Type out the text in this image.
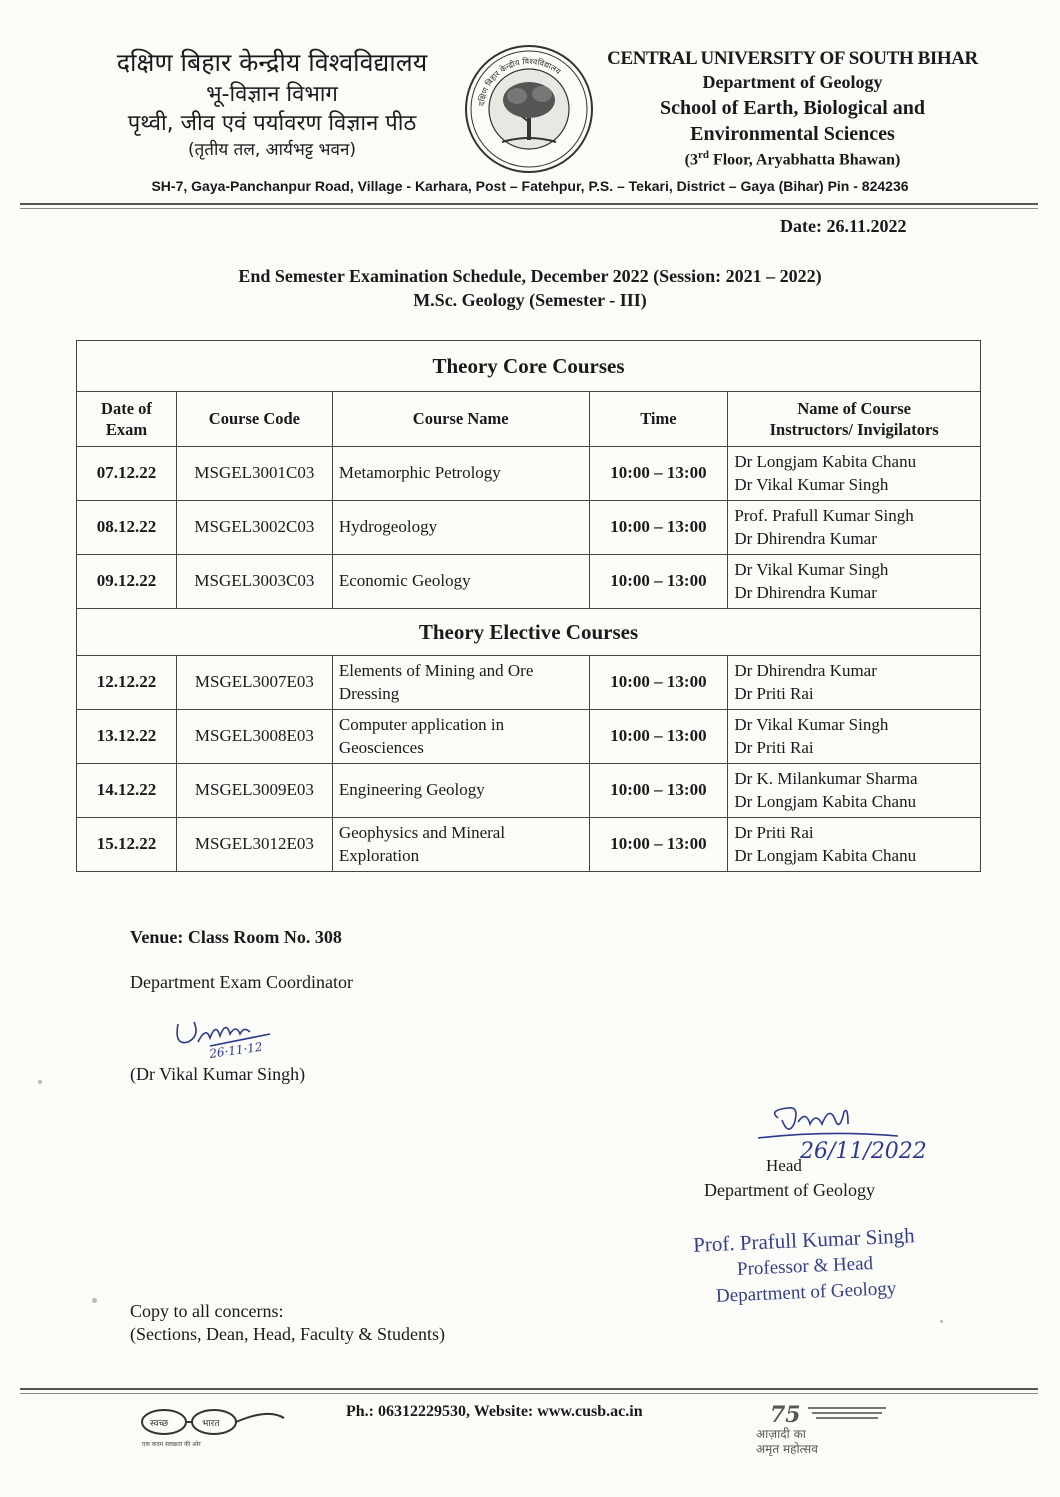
दक्षिण बिहार केन्द्रीय विश्वविद्यालय
भू-विज्ञान विभाग
पृथ्वी, जीव एवं पर्यावरण विज्ञान पीठ
(तृतीय तल, आर्यभट्ट भवन)
दक्षिण बिहार केन्द्रीय विश्वविद्यालय
CENTRAL UNIVERSITY OF SOUTH BIHAR
Department of Geology
School of Earth, Biological and
Environmental Sciences
(3rd Floor, Aryabhatta Bhawan)
SH-7, Gaya-Panchanpur Road, Village - Karhara, Post – Fatehpur, P.S. – Tekari, District – Gaya (Bihar) Pin - 824236
Date: 26.11.2022
End Semester Examination Schedule, December 2022 (Session: 2021 – 2022)
M.Sc. Geology (Semester - III)
Theory Core Courses				
Date of
Exam	Course Code	Course Name	Time	Name of Course
Instructors/ Invigilators
07.12.22	MSGEL3001C03	Metamorphic Petrology	10:00 – 13:00	Dr Longjam Kabita Chanu
Dr Vikal Kumar Singh
08.12.22	MSGEL3002C03	Hydrogeology	10:00 – 13:00	Prof. Prafull Kumar Singh
Dr Dhirendra Kumar
09.12.22	MSGEL3003C03	Economic Geology	10:00 – 13:00	Dr Vikal Kumar Singh
Dr Dhirendra Kumar
Theory Elective Courses				
12.12.22	MSGEL3007E03	Elements of Mining and Ore
Dressing	10:00 – 13:00	Dr Dhirendra Kumar
Dr Priti Rai
13.12.22	MSGEL3008E03	Computer application in
Geosciences	10:00 – 13:00	Dr Vikal Kumar Singh
Dr Priti Rai
14.12.22	MSGEL3009E03	Engineering Geology	10:00 – 13:00	Dr K. Milankumar Sharma
Dr Longjam Kabita Chanu
15.12.22	MSGEL3012E03	Geophysics and Mineral
Exploration	10:00 – 13:00	Dr Priti Rai
Dr Longjam Kabita Chanu
Venue: Class Room No. 308
Department Exam Coordinator
26·11·12
(Dr Vikal Kumar Singh)
26/11/2022
Head
Department of Geology
Prof. Prafull Kumar Singh
Professor & Head
Department of Geology
Copy to all concerns:
(Sections, Dean, Head, Faculty & Students)
स्वच्छ	भारत
एक कदम स्वच्छता की ओर
Ph.: 06312229530, Website: www.cusb.ac.in	75
आज़ादी का
अमृत महोत्सव
